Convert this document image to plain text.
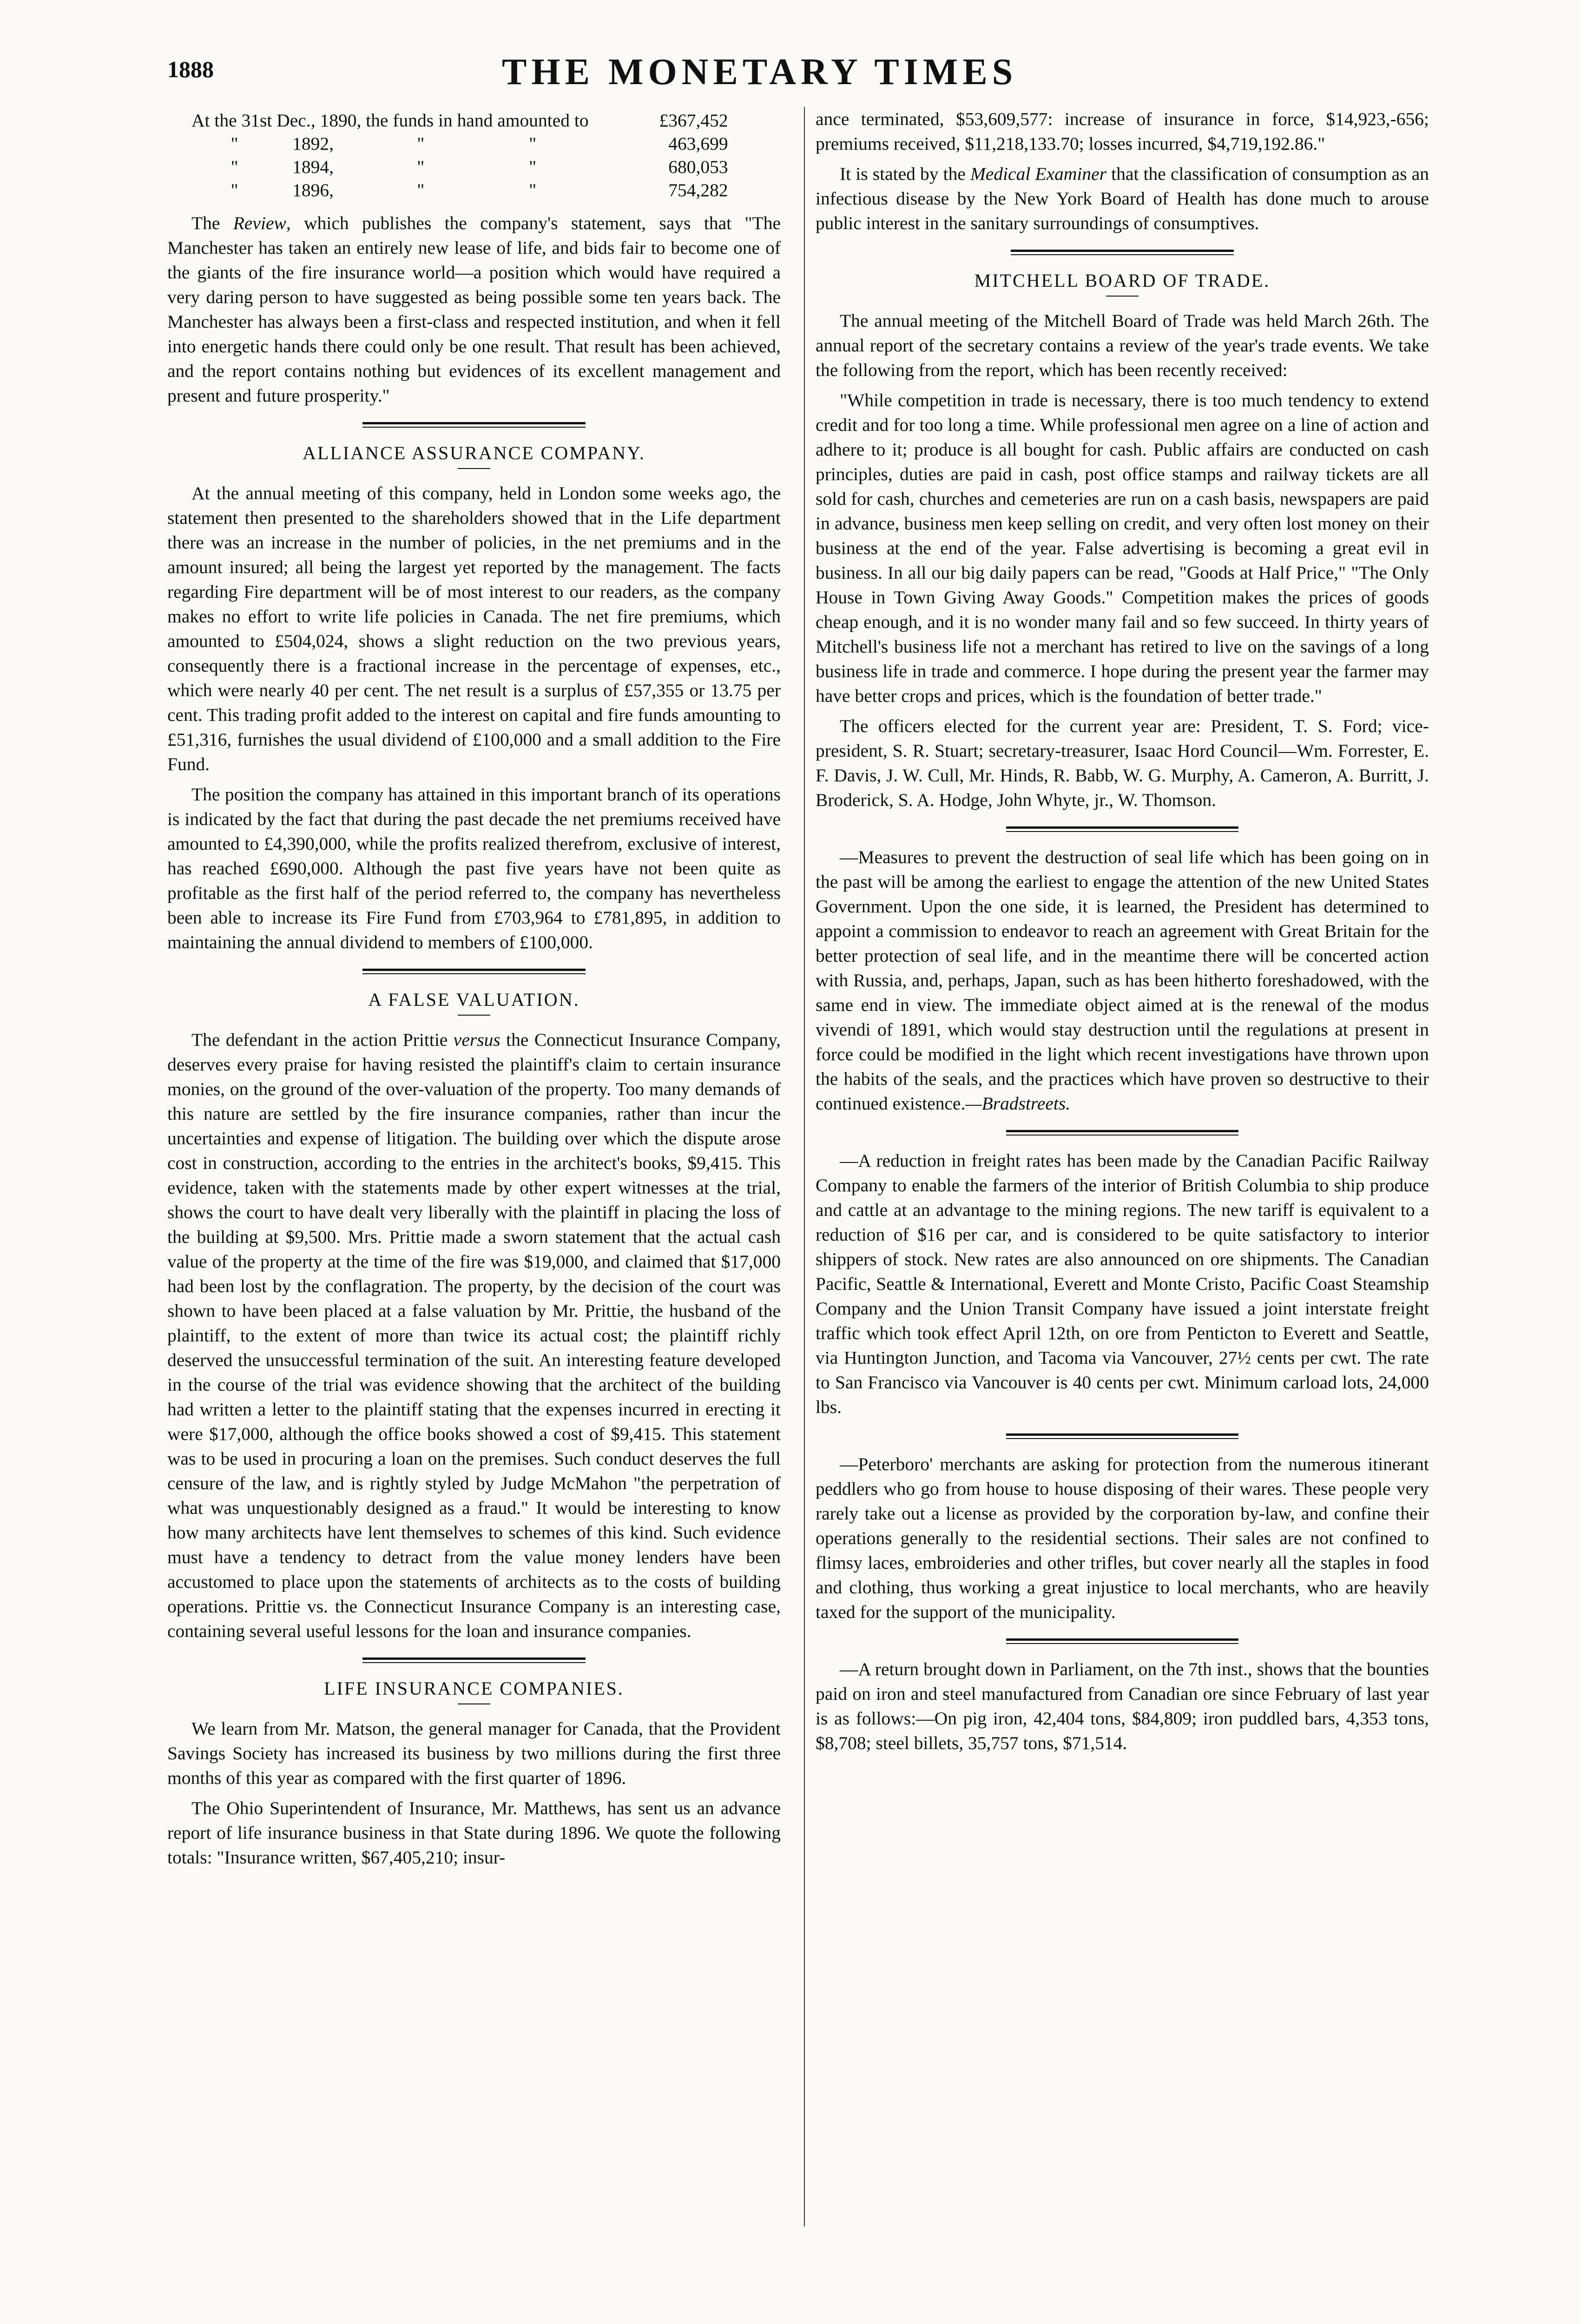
1888	THE MONETARY TIMES
At the 31st Dec., 1890, the funds in hand amounted to				£367,452
"	1892,	"	"	463,699
"	1894,	"	"	680,053
"	1896,	"	"	754,282

The Review, which publishes the company's statement, says that "The Manchester has taken an entirely new lease of life, and bids fair to become one of the giants of the fire insurance world—a position which would have required a very daring person to have suggested as being possible some ten years back. The Manchester has always been a first-class and respected institution, and when it fell into energetic hands there could only be one result. That result has been achieved, and the report contains nothing but evidences of its excellent management and present and future prosperity."

ALLIANCE ASSURANCE COMPANY.

At the annual meeting of this company, held in London some weeks ago, the statement then presented to the shareholders showed that in the Life department there was an increase in the number of policies, in the net premiums and in the amount insured; all being the largest yet reported by the management. The facts regarding Fire department will be of most interest to our readers, as the company makes no effort to write life policies in Canada. The net fire premiums, which amounted to £504,024, shows a slight reduction on the two previous years, consequently there is a fractional increase in the percentage of expenses, etc., which were nearly 40 per cent. The net result is a surplus of £57,355 or 13.75 per cent. This trading profit added to the interest on capital and fire funds amounting to £51,316, furnishes the usual dividend of £100,000 and a small addition to the Fire Fund.

The position the company has attained in this important branch of its operations is indicated by the fact that during the past decade the net premiums received have amounted to £4,390,000, while the profits realized therefrom, exclusive of interest, has reached £690,000. Although the past five years have not been quite as profitable as the first half of the period referred to, the company has nevertheless been able to increase its Fire Fund from £703,964 to £781,895, in addition to maintaining the annual dividend to members of £100,000.

A FALSE VALUATION.

The defendant in the action Prittie versus the Connecticut Insurance Company, deserves every praise for having resisted the plaintiff's claim to certain insurance monies, on the ground of the over-valuation of the property. Too many demands of this nature are settled by the fire insurance companies, rather than incur the uncertainties and expense of litigation. The building over which the dispute arose cost in construction, according to the entries in the architect's books, $9,415. This evidence, taken with the statements made by other expert witnesses at the trial, shows the court to have dealt very liberally with the plaintiff in placing the loss of the building at $9,500. Mrs. Prittie made a sworn statement that the actual cash value of the property at the time of the fire was $19,000, and claimed that $17,000 had been lost by the conflagration. The property, by the decision of the court was shown to have been placed at a false valuation by Mr. Prittie, the husband of the plaintiff, to the extent of more than twice its actual cost; the plaintiff richly deserved the unsuccessful termination of the suit. An interesting feature developed in the course of the trial was evidence showing that the architect of the building had written a letter to the plaintiff stating that the expenses incurred in erecting it were $17,000, although the office books showed a cost of $9,415. This statement was to be used in procuring a loan on the premises. Such conduct deserves the full censure of the law, and is rightly styled by Judge McMahon "the perpetration of what was unquestionably designed as a fraud." It would be interesting to know how many architects have lent themselves to schemes of this kind. Such evidence must have a tendency to detract from the value money lenders have been accustomed to place upon the statements of architects as to the costs of building operations. Prittie vs. the Connecticut Insurance Company is an interesting case, containing several useful lessons for the loan and insurance companies.

LIFE INSURANCE COMPANIES.

We learn from Mr. Matson, the general manager for Canada, that the Provident Savings Society has increased its business by two millions during the first three months of this year as compared with the first quarter of 1896.

The Ohio Superintendent of Insurance, Mr. Matthews, has sent us an advance report of life insurance business in that State during 1896. We quote the following totals: "Insurance written, $67,405,210; insur-

ance terminated, $53,609,577: increase of insurance in force, $14,923,-656; premiums received, $11,218,133.70; losses incurred, $4,719,192.86."

It is stated by the Medical Examiner that the classification of consumption as an infectious disease by the New York Board of Health has done much to arouse public interest in the sanitary surroundings of consumptives.

MITCHELL BOARD OF TRADE.

The annual meeting of the Mitchell Board of Trade was held March 26th. The annual report of the secretary contains a review of the year's trade events. We take the following from the report, which has been recently received:

"While competition in trade is necessary, there is too much tendency to extend credit and for too long a time. While professional men agree on a line of action and adhere to it; produce is all bought for cash. Public affairs are conducted on cash principles, duties are paid in cash, post office stamps and railway tickets are all sold for cash, churches and cemeteries are run on a cash basis, newspapers are paid in advance, business men keep selling on credit, and very often lost money on their business at the end of the year. False advertising is becoming a great evil in business. In all our big daily papers can be read, "Goods at Half Price," "The Only House in Town Giving Away Goods." Competition makes the prices of goods cheap enough, and it is no wonder many fail and so few succeed. In thirty years of Mitchell's business life not a merchant has retired to live on the savings of a long business life in trade and commerce. I hope during the present year the farmer may have better crops and prices, which is the foundation of better trade."

The officers elected for the current year are: President, T. S. Ford; vice-president, S. R. Stuart; secretary-treasurer, Isaac Hord Council—Wm. Forrester, E. F. Davis, J. W. Cull, Mr. Hinds, R. Babb, W. G. Murphy, A. Cameron, A. Burritt, J. Broderick, S. A. Hodge, John Whyte, jr., W. Thomson.

—Measures to prevent the destruction of seal life which has been going on in the past will be among the earliest to engage the attention of the new United States Government. Upon the one side, it is learned, the President has determined to appoint a commission to endeavor to reach an agreement with Great Britain for the better protection of seal life, and in the meantime there will be concerted action with Russia, and, perhaps, Japan, such as has been hitherto foreshadowed, with the same end in view. The immediate object aimed at is the renewal of the modus vivendi of 1891, which would stay destruction until the regulations at present in force could be modified in the light which recent investigations have thrown upon the habits of the seals, and the practices which have proven so destructive to their continued existence.—Bradstreets.

—A reduction in freight rates has been made by the Canadian Pacific Railway Company to enable the farmers of the interior of British Columbia to ship produce and cattle at an advantage to the mining regions. The new tariff is equivalent to a reduction of $16 per car, and is considered to be quite satisfactory to interior shippers of stock. New rates are also announced on ore shipments. The Canadian Pacific, Seattle & International, Everett and Monte Cristo, Pacific Coast Steamship Company and the Union Transit Company have issued a joint interstate freight traffic which took effect April 12th, on ore from Penticton to Everett and Seattle, via Huntington Junction, and Tacoma via Vancouver, 27½ cents per cwt. The rate to San Francisco via Vancouver is 40 cents per cwt. Minimum carload lots, 24,000 lbs.

—Peterboro' merchants are asking for protection from the numerous itinerant peddlers who go from house to house disposing of their wares. These people very rarely take out a license as provided by the corporation by-law, and confine their operations generally to the residential sections. Their sales are not confined to flimsy laces, embroideries and other trifles, but cover nearly all the staples in food and clothing, thus working a great injustice to local merchants, who are heavily taxed for the support of the municipality.

—A return brought down in Parliament, on the 7th inst., shows that the bounties paid on iron and steel manufactured from Canadian ore since February of last year is as follows:—On pig iron, 42,404 tons, $84,809; iron puddled bars, 4,353 tons, $8,708; steel billets, 35,757 tons, $71,514.
